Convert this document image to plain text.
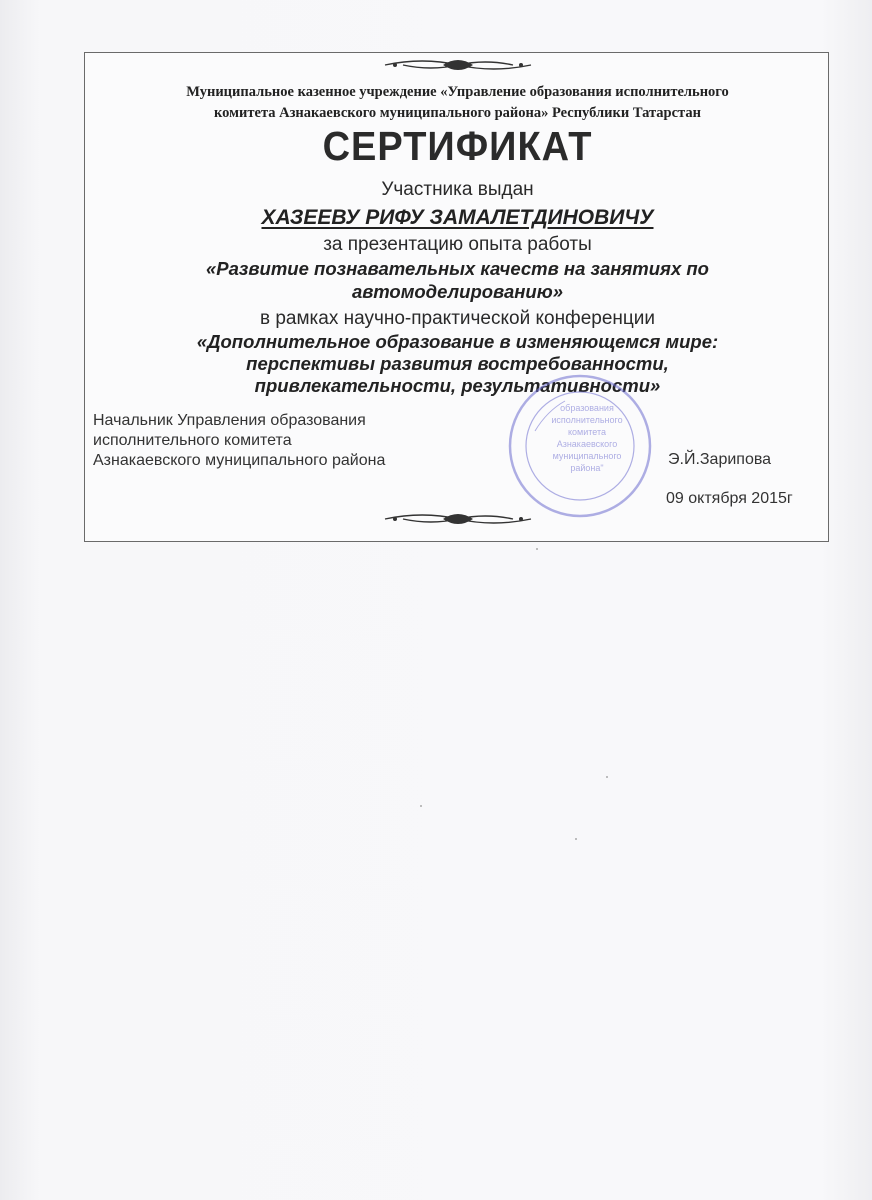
Муниципальное казенное учреждение «Управление образования исполнительного
комитета Азнакаевского муниципального района» Республики Татарстан
СЕРТИФИКАТ
Участника выдан
ХАЗЕЕВУ РИФУ ЗАМАЛЕТДИНОВИЧУ
за презентацию опыта работы
«Развитие познавательных качеств на занятиях по
автомоделированию»
в рамках научно-практической конференции
«Дополнительное образование в изменяющемся мире:
перспективы развития востребованности,
привлекательности, результативности»
образования
исполнительного
комитета
Азнакаевского
муниципального
района"
Начальник Управления образования
исполнительного комитета
Азнакаевского муниципального района	Э.Й.Зарипова
09 октября 2015г
